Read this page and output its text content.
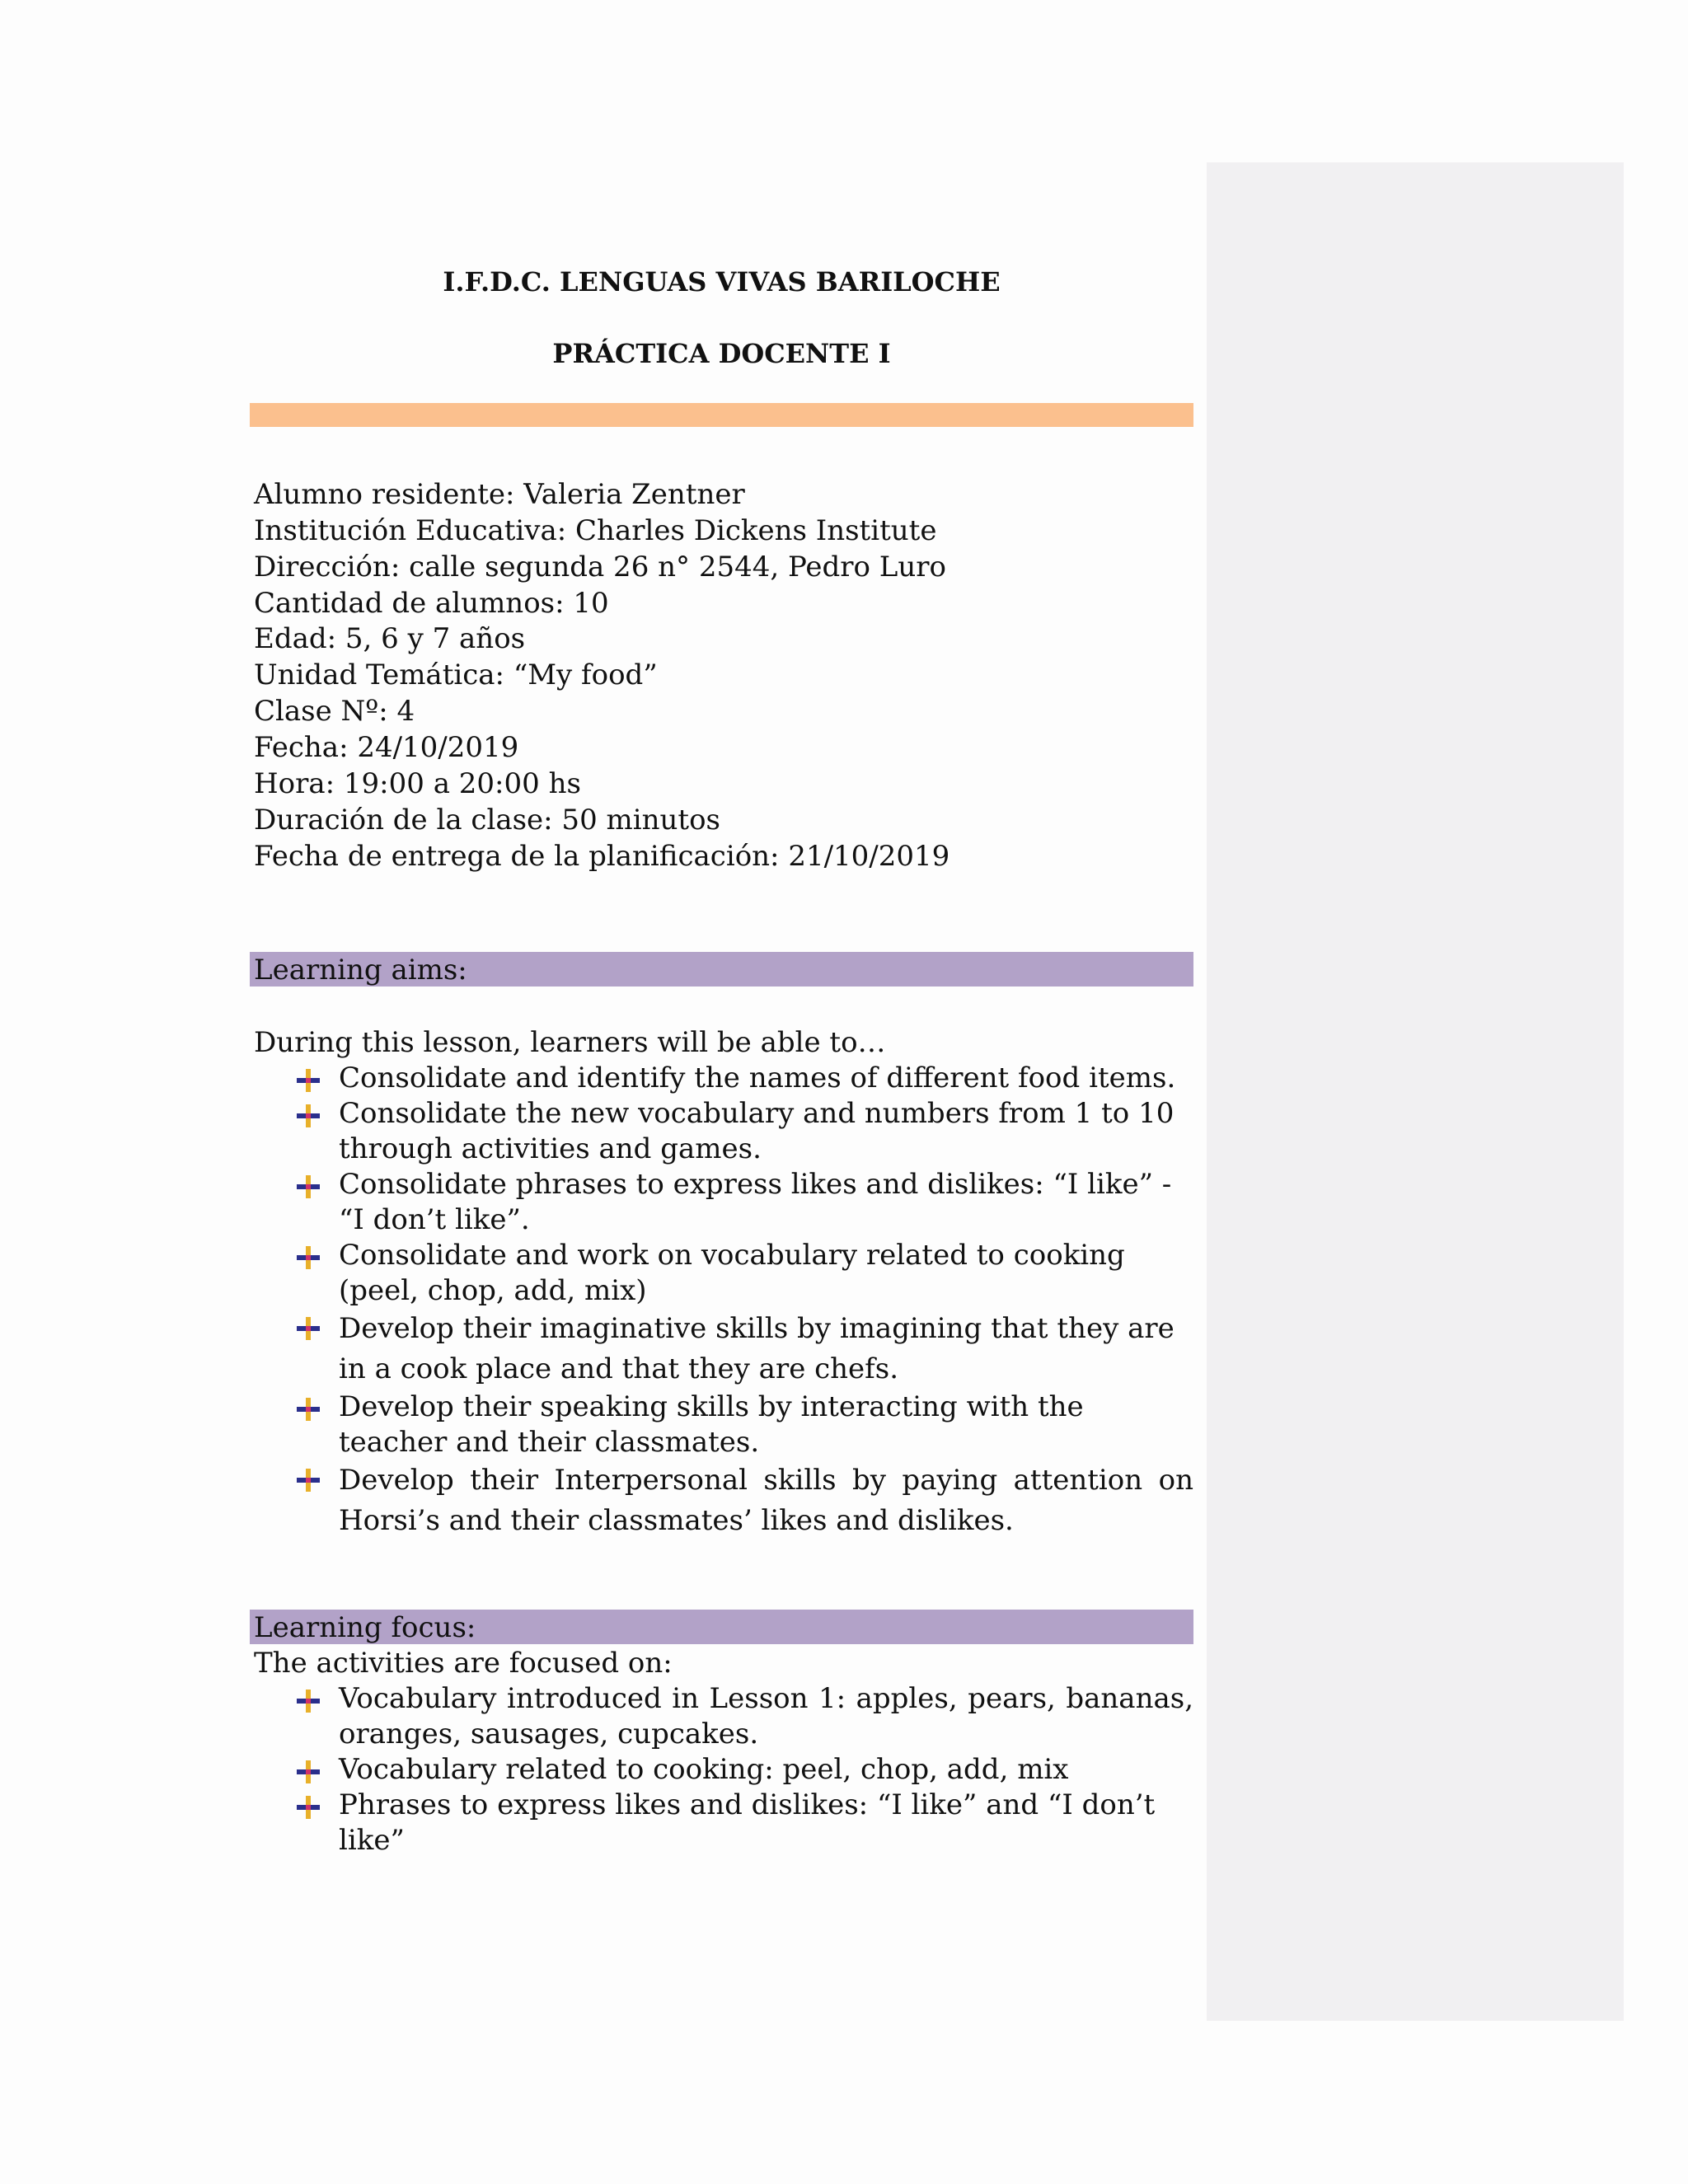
I.F.D.C. LENGUAS VIVAS BARILOCHE
PRÁCTICA DOCENTE I
Alumno residente: Valeria Zentner
Institución Educativa: Charles Dickens Institute
Dirección: calle segunda 26 n° 2544, Pedro Luro
Cantidad de alumnos: 10
Edad: 5, 6 y 7 años
Unidad Temática: “My food”
Clase Nº: 4
Fecha: 24/10/2019
Hora: 19:00 a 20:00 hs
Duración de la clase: 50 minutos
Fecha de entrega de la planificación: 21/10/2019
Learning aims:
During this lesson, learners will be able to…
Consolidate and identify the names of different food items.
Consolidate the new vocabulary and numbers from 1 to 10 through activities and games.
Consolidate phrases to express likes and dislikes: “I like” - “I don’t like”.
Consolidate and work on vocabulary related to cooking (peel, chop, add, mix)
Develop their imaginative skills by imagining that they are in a cook place and that they are chefs.
Develop their speaking skills by interacting with the teacher and their classmates.
Develop their Interpersonal skills by paying attention on Horsi’s and their classmates’ likes and dislikes.
Learning focus:
The activities are focused on:
Vocabulary introduced in Lesson 1: apples, pears, bananas, oranges, sausages, cupcakes.
Vocabulary related to cooking: peel, chop, add, mix
Phrases to express likes and dislikes: “I like” and “I don’t like”
